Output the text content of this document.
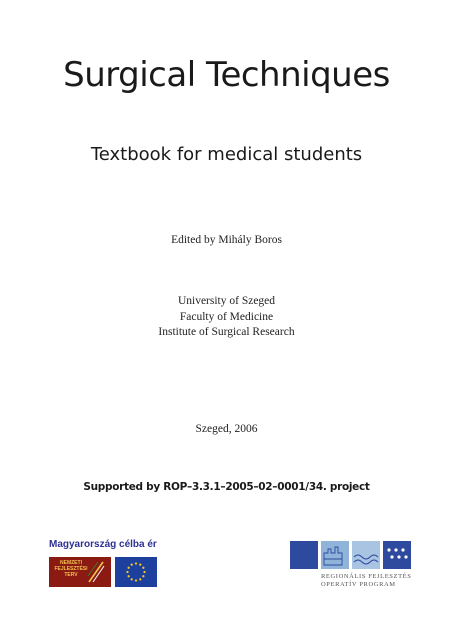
Surgical Techniques
Textbook for medical students
Edited by Mihály Boros
University of Szeged
Faculty of Medicine
Institute of Surgical Research
Szeged, 2006
Supported by ROP–3.3.1–2005–02–0001/34. project
Magyarország célba ér
NEMZETI
FEJLESZTÉSI
TERV	REGIONÁLIS FEJLESZTÉS
OPERATÍV PROGRAM
